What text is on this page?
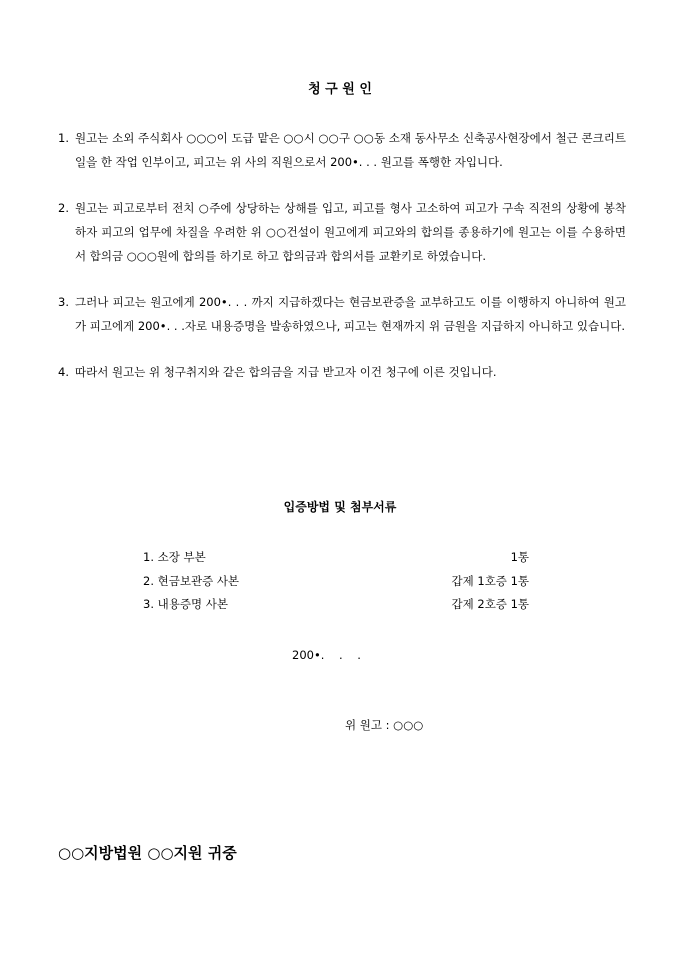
청 구 원 인
1. 원고는 소외 주식회사 ○○○이 도급 맡은 ○○시 ○○구 ○○동 소재 동사무소 신축공사현장에서 철근 콘크리트 일을 한 작업 인부이고, 피고는 위 사의 직원으로서 200•. . . 원고를 폭행한 자입니다.
2. 원고는 피고로부터 전치 ○주에 상당하는 상해를 입고, 피고를 형사 고소하여 피고가 구속 직전의 상황에 봉착하자 피고의 업무에 차질을 우려한 위 ○○건설이 원고에게 피고와의 합의를 종용하기에 원고는 이를 수용하면서 합의금 ○○○원에 합의를 하기로 하고 합의금과 합의서를 교환키로 하였습니다.
3. 그러나 피고는 원고에게 200•. . . 까지 지급하겠다는 현금보관증을 교부하고도 이를 이행하지 아니하여 원고가 피고에게 200•. . .자로 내용증명을 발송하였으나, 피고는 현재까지 위 금원을 지급하지 아니하고 있습니다.
4. 따라서 원고는 위 청구취지와 같은 합의금을 지급 받고자 이건 청구에 이른 것입니다.
입증방법 및 첨부서류
1. 소장 부본	1통
2. 현금보관증 사본	갑제 1호증 1통
3. 내용증명 사본	갑제 2호증 1통
200•.    .    .
위 원고 : ○○○
○○지방법원 ○○지원 귀중
